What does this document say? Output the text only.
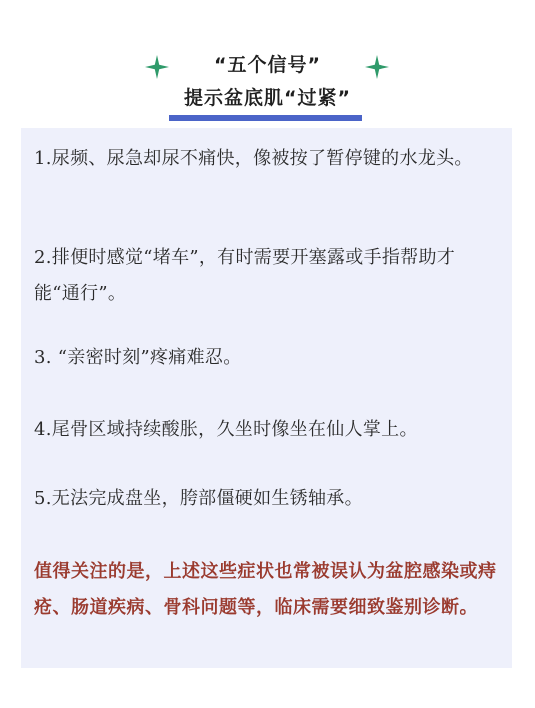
“五个信号”
提示盆底肌“过紧”
1.尿频、尿急却尿不痛快，像被按了暂停键的水龙头。
2.排便时感觉“堵车”，有时需要开塞露或手指帮助才能“通行”。
3. “亲密时刻”疼痛难忍。
4.尾骨区域持续酸胀，久坐时像坐在仙人掌上。
5.无法完成盘坐，胯部僵硬如生锈轴承。
值得关注的是，上述这些症状也常被误认为盆腔感染或痔疮、肠道疾病、骨科问题等，临床需要细致鉴别诊断。
